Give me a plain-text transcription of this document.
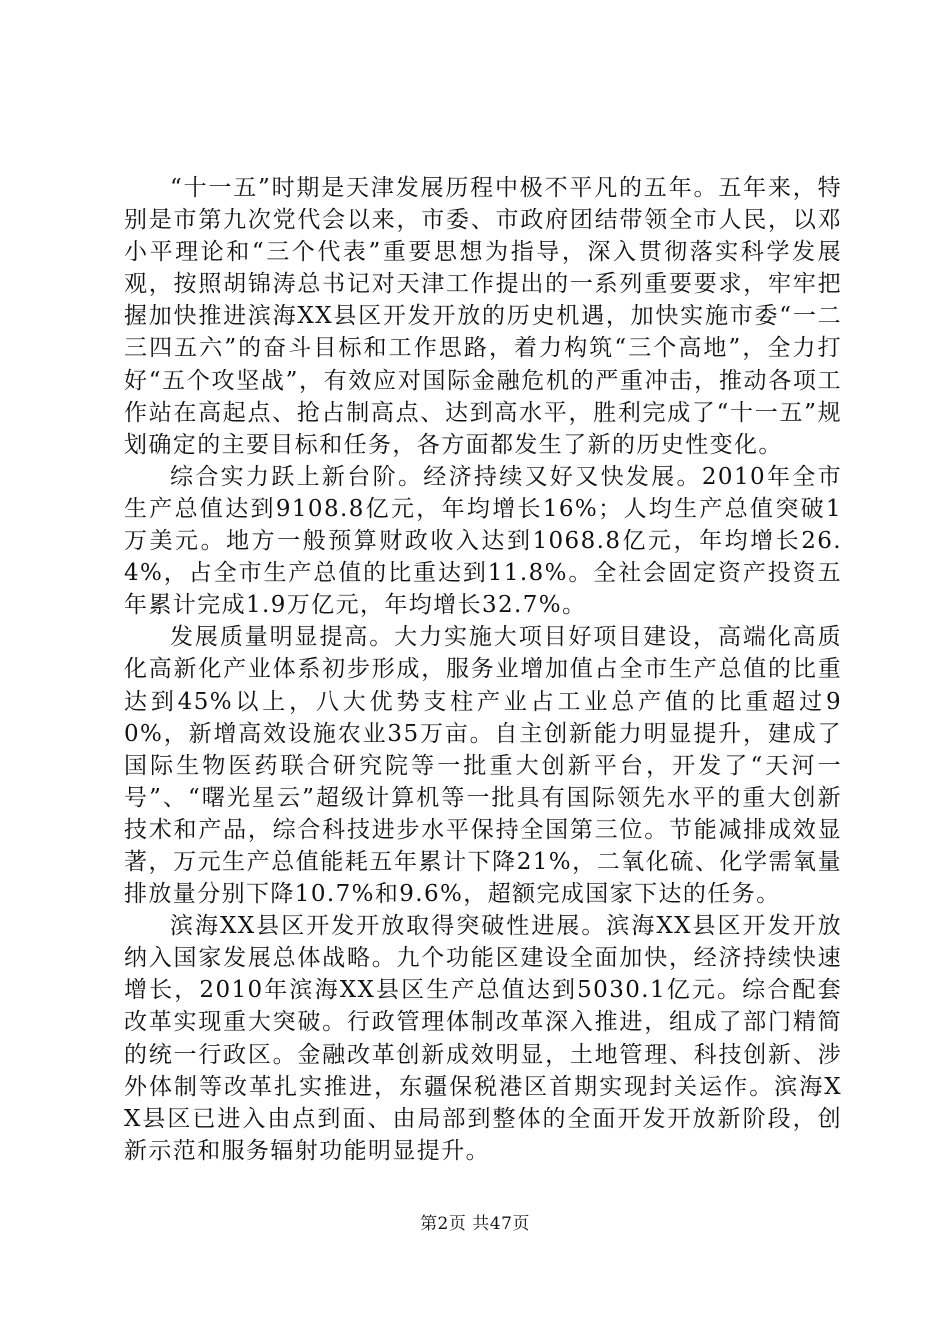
“十一五”时期是天津发展历程中极不平凡的五年。五年来，特别是市第九次党代会以来，市委、市政府团结带领全市人民，以邓小平理论和“三个代表”重要思想为指导，深入贯彻落实科学发展观，按照胡锦涛总书记对天津工作提出的一系列重要要求，牢牢把握加快推进滨海XX县区开发开放的历史机遇，加快实施市委“一二三四五六”的奋斗目标和工作思路，着力构筑“三个高地”，全力打好“五个攻坚战”，有效应对国际金融危机的严重冲击，推动各项工作站在高起点、抢占制高点、达到高水平，胜利完成了“十一五”规划确定的主要目标和任务，各方面都发生了新的历史性变化。

综合实力跃上新台阶。经济持续又好又快发展。2010年全市生产总值达到9108.8亿元，年均增长16%；人均生产总值突破1万美元。地方一般预算财政收入达到1068.8亿元，年均增长26.4%，占全市生产总值的比重达到11.8%。全社会固定资产投资五年累计完成1.9万亿元，年均增长32.7%。

发展质量明显提高。大力实施大项目好项目建设，高端化高质化高新化产业体系初步形成，服务业增加值占全市生产总值的比重达到45%以上，八大优势支柱产业占工业总产值的比重超过90%，新增高效设施农业35万亩。自主创新能力明显提升，建成了国际生物医药联合研究院等一批重大创新平台，开发了“天河一号”、“曙光星云”超级计算机等一批具有国际领先水平的重大创新技术和产品，综合科技进步水平保持全国第三位。节能减排成效显著，万元生产总值能耗五年累计下降21%，二氧化硫、化学需氧量排放量分别下降10.7%和9.6%，超额完成国家下达的任务。

滨海XX县区开发开放取得突破性进展。滨海XX县区开发开放纳入国家发展总体战略。九个功能区建设全面加快，经济持续快速增长，2010年滨海XX县区生产总值达到5030.1亿元。综合配套改革实现重大突破。行政管理体制改革深入推进，组成了部门精简的统一行政区。金融改革创新成效明显，土地管理、科技创新、涉外体制等改革扎实推进，东疆保税港区首期实现封关运作。滨海XX县区已进入由点到面、由局部到整体的全面开发开放新阶段，创新示范和服务辐射功能明显提升。

第2页 共47页
